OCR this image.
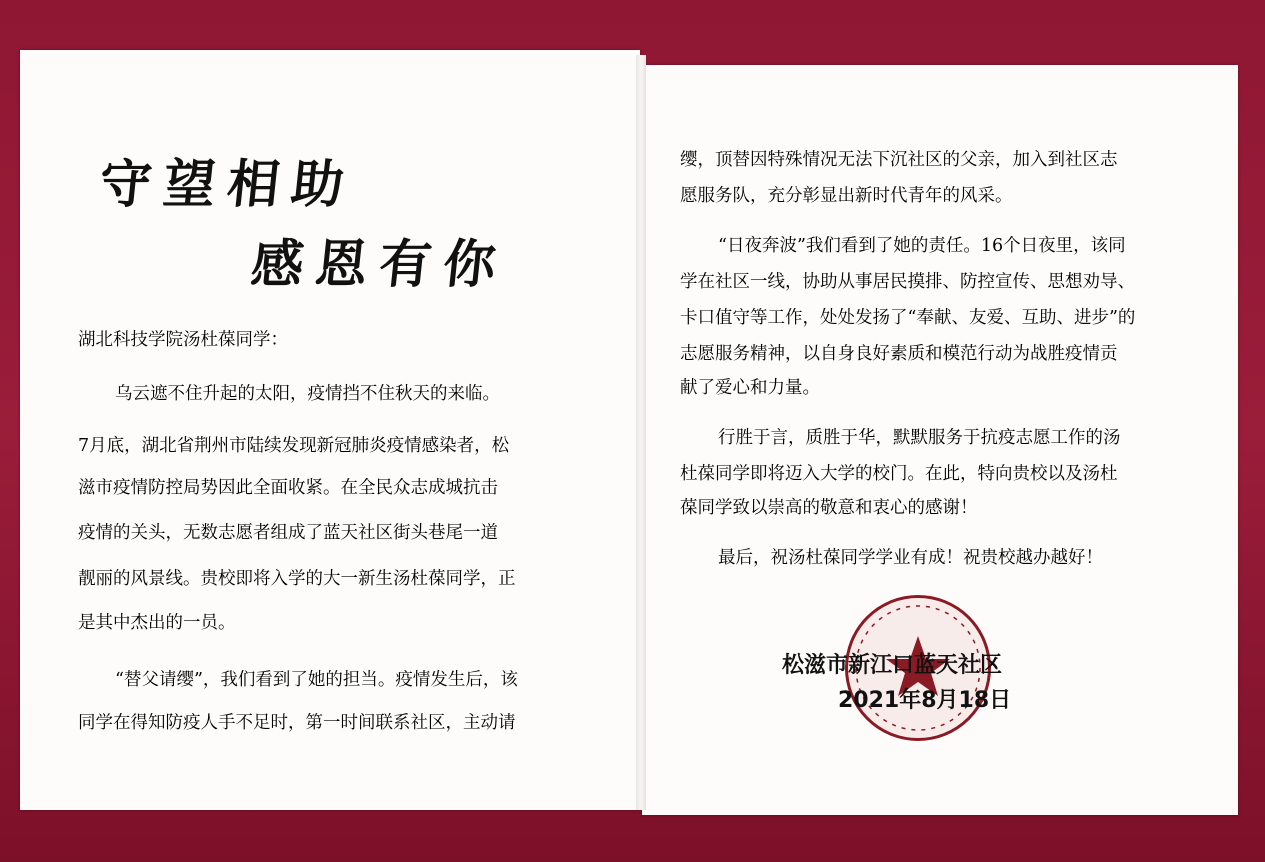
守望相助
感恩有你
湖北科技学院汤杜葆同学：
乌云遮不住升起的太阳，疫情挡不住秋天的来临。
7月底，湖北省荆州市陆续发现新冠肺炎疫情感染者，松
滋市疫情防控局势因此全面收紧。在全民众志成城抗击
疫情的关头，无数志愿者组成了蓝天社区街头巷尾一道
靓丽的风景线。贵校即将入学的大一新生汤杜葆同学，正
是其中杰出的一员。
“替父请缨”，我们看到了她的担当。疫情发生后，该
同学在得知防疫人手不足时，第一时间联系社区，主动请
缨，顶替因特殊情况无法下沉社区的父亲，加入到社区志
愿服务队，充分彰显出新时代青年的风采。
“日夜奔波”我们看到了她的责任。16个日夜里，该同
学在社区一线，协助从事居民摸排、防控宣传、思想劝导、
卡口值守等工作，处处发扬了“奉献、友爱、互助、进步”的
志愿服务精神，以自身良好素质和模范行动为战胜疫情贡
献了爱心和力量。
行胜于言，质胜于华，默默服务于抗疫志愿工作的汤
杜葆同学即将迈入大学的校门。在此，特向贵校以及汤杜
葆同学致以崇高的敬意和衷心的感谢！
最后，祝汤杜葆同学学业有成！祝贵校越办越好！
松滋市新江口蓝天社区
2021年8月18日
